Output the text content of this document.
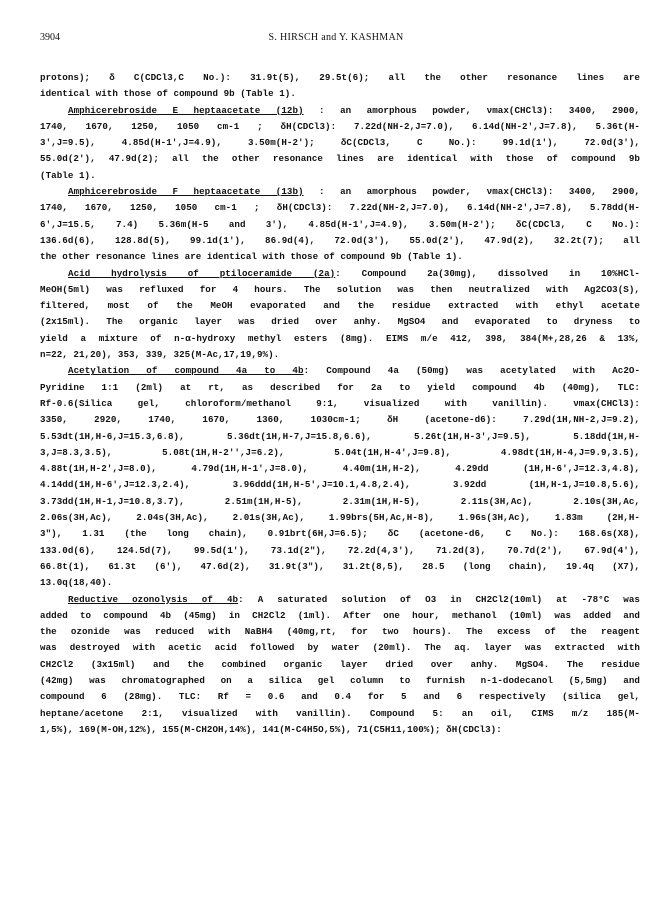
3904	S. HIRSCH and Y. KASHMAN
protons); δ C(CDCl3,C No.): 31.9t(5), 29.5t(6); all the other resonance lines are
identical with those of compound 9b (Table 1).
Amphicerebroside E heptaacetate (12b) : an amorphous powder, νmax(CHCl3): 3400, 2900,
1740, 1670, 1250, 1050 cm-1 ; δH(CDCl3): 7.22d(NH-2,J=7.0), 6.14d(NH-2',J=7.8), 5.36t(H-
3',J=9.5), 4.85d(H-1',J=4.9), 3.50m(H-2'); δC(CDCl3, C No.): 99.1d(1'), 72.0d(3'),
55.0d(2'), 47.9d(2); all the other resonance lines are identical with those of compound 9b
(Table 1).
Amphicerebroside F heptaacetate (13b) : an amorphous powder, νmax(CHCl3): 3400, 2900,
1740, 1670, 1250, 1050 cm-1 ; δH(CDCl3): 7.22d(NH-2,J=7.0), 6.14d(NH-2',J=7.8), 5.78dd(H-
6',J=15.5, 7.4) 5.36m(H-5 and 3'), 4.85d(H-1',J=4.9), 3.50m(H-2'); δC(CDCl3, C No.):
136.6d(6), 128.8d(5), 99.1d(1'), 86.9d(4), 72.0d(3'), 55.0d(2'), 47.9d(2), 32.2t(7); all
the other resonance lines are identical with those of compound 9b (Table 1).
Acid hydrolysis of ptiloceramide (2a): Compound 2a(30mg), dissolved in 10%HCl-
MeOH(5ml) was refluxed for 4 hours. The solution was then neutralized with Ag2CO3(S),
filtered, most of the MeOH evaporated and the residue extracted with ethyl acetate
(2x15ml). The organic layer was dried over anhy. MgSO4 and evaporated to dryness to
yield a mixture of n-α-hydroxy methyl esters (8mg). EIMS m/e 412, 398, 384(M+,28,26 & 13%,
n=22, 21,20), 353, 339, 325(M-Ac,17,19,9%).
Acetylation of compound 4a to 4b: Compound 4a (50mg) was acetylated with Ac2O-
Pyridine 1:1 (2ml) at rt, as described for 2a to yield compound 4b (40mg), TLC:
Rf-0.6(Silica gel, chloroform/methanol 9:1, visualized with vanillin). νmax(CHCl3):
3350, 2920, 1740, 1670, 1360, 1030cm-1; δH (acetone-d6): 7.29d(1H,NH-2,J=9.2),
5.53dt(1H,H-6,J=15.3,6.8), 5.36dt(1H,H-7,J=15.8,6.6), 5.26t(1H,H-3',J=9.5), 5.18dd(1H,H-
3,J=8.3,3.5), 5.08t(1H,H-2'',J=6.2), 5.04t(1H,H-4',J=9.8), 4.98dt(1H,H-4,J=9.9,3.5),
4.88t(1H,H-2',J=8.0), 4.79d(1H,H-1',J=8.0), 4.40m(1H,H-2), 4.29dd (1H,H-6',J=12.3,4.8),
4.14dd(1H,H-6',J=12.3,2.4), 3.96ddd(1H,H-5',J=10.1,4.8,2.4), 3.92dd (1H,H-1,J=10.8,5.6),
3.73dd(1H,H-1,J=10.8,3.7), 2.51m(1H,H-5), 2.31m(1H,H-5), 2.11s(3H,Ac), 2.10s(3H,Ac,
2.06s(3H,Ac), 2.04s(3H,Ac), 2.01s(3H,Ac), 1.99brs(5H,Ac,H-8), 1.96s(3H,Ac), 1.83m (2H,H-
3"), 1.31 (the long chain), 0.91brt(6H,J=6.5); δC (acetone-d6, C No.): 168.6s(X8),
133.0d(6), 124.5d(7), 99.5d(1'), 73.1d(2"), 72.2d(4,3'), 71.2d(3), 70.7d(2'), 67.9d(4'),
66.8t(1), 61.3t (6'), 47.6d(2), 31.9t(3"), 31.2t(8,5), 28.5 (long chain), 19.4q (X7),
13.0q(18,40).
Reductive ozonolysis of 4b: A saturated solution of O3 in CH2Cl2(10ml) at -78°C was
added to compound 4b (45mg) in CH2Cl2 (1ml). After one hour, methanol (10ml) was added and
the ozonide was reduced with NaBH4 (40mg,rt, for two hours). The excess of the reagent
was destroyed with acetic acid followed by water (20ml). The aq. layer was extracted with
CH2Cl2 (3x15ml) and the combined organic layer dried over anhy. MgSO4. The residue
(42mg) was chromatographed on a silica gel column to furnish n-1-dodecanol (5,5mg) and
compound 6 (28mg). TLC: Rf = 0.6 and 0.4 for 5 and 6 respectively (silica gel,
heptane/acetone 2:1, visualized with vanillin). Compound 5: an oil, CIMS m/z 185(M-
1,5%), 169(M-OH,12%), 155(M-CH2OH,14%), 141(M-C4H5O,5%), 71(C5H11,100%); δH(CDCl3):
